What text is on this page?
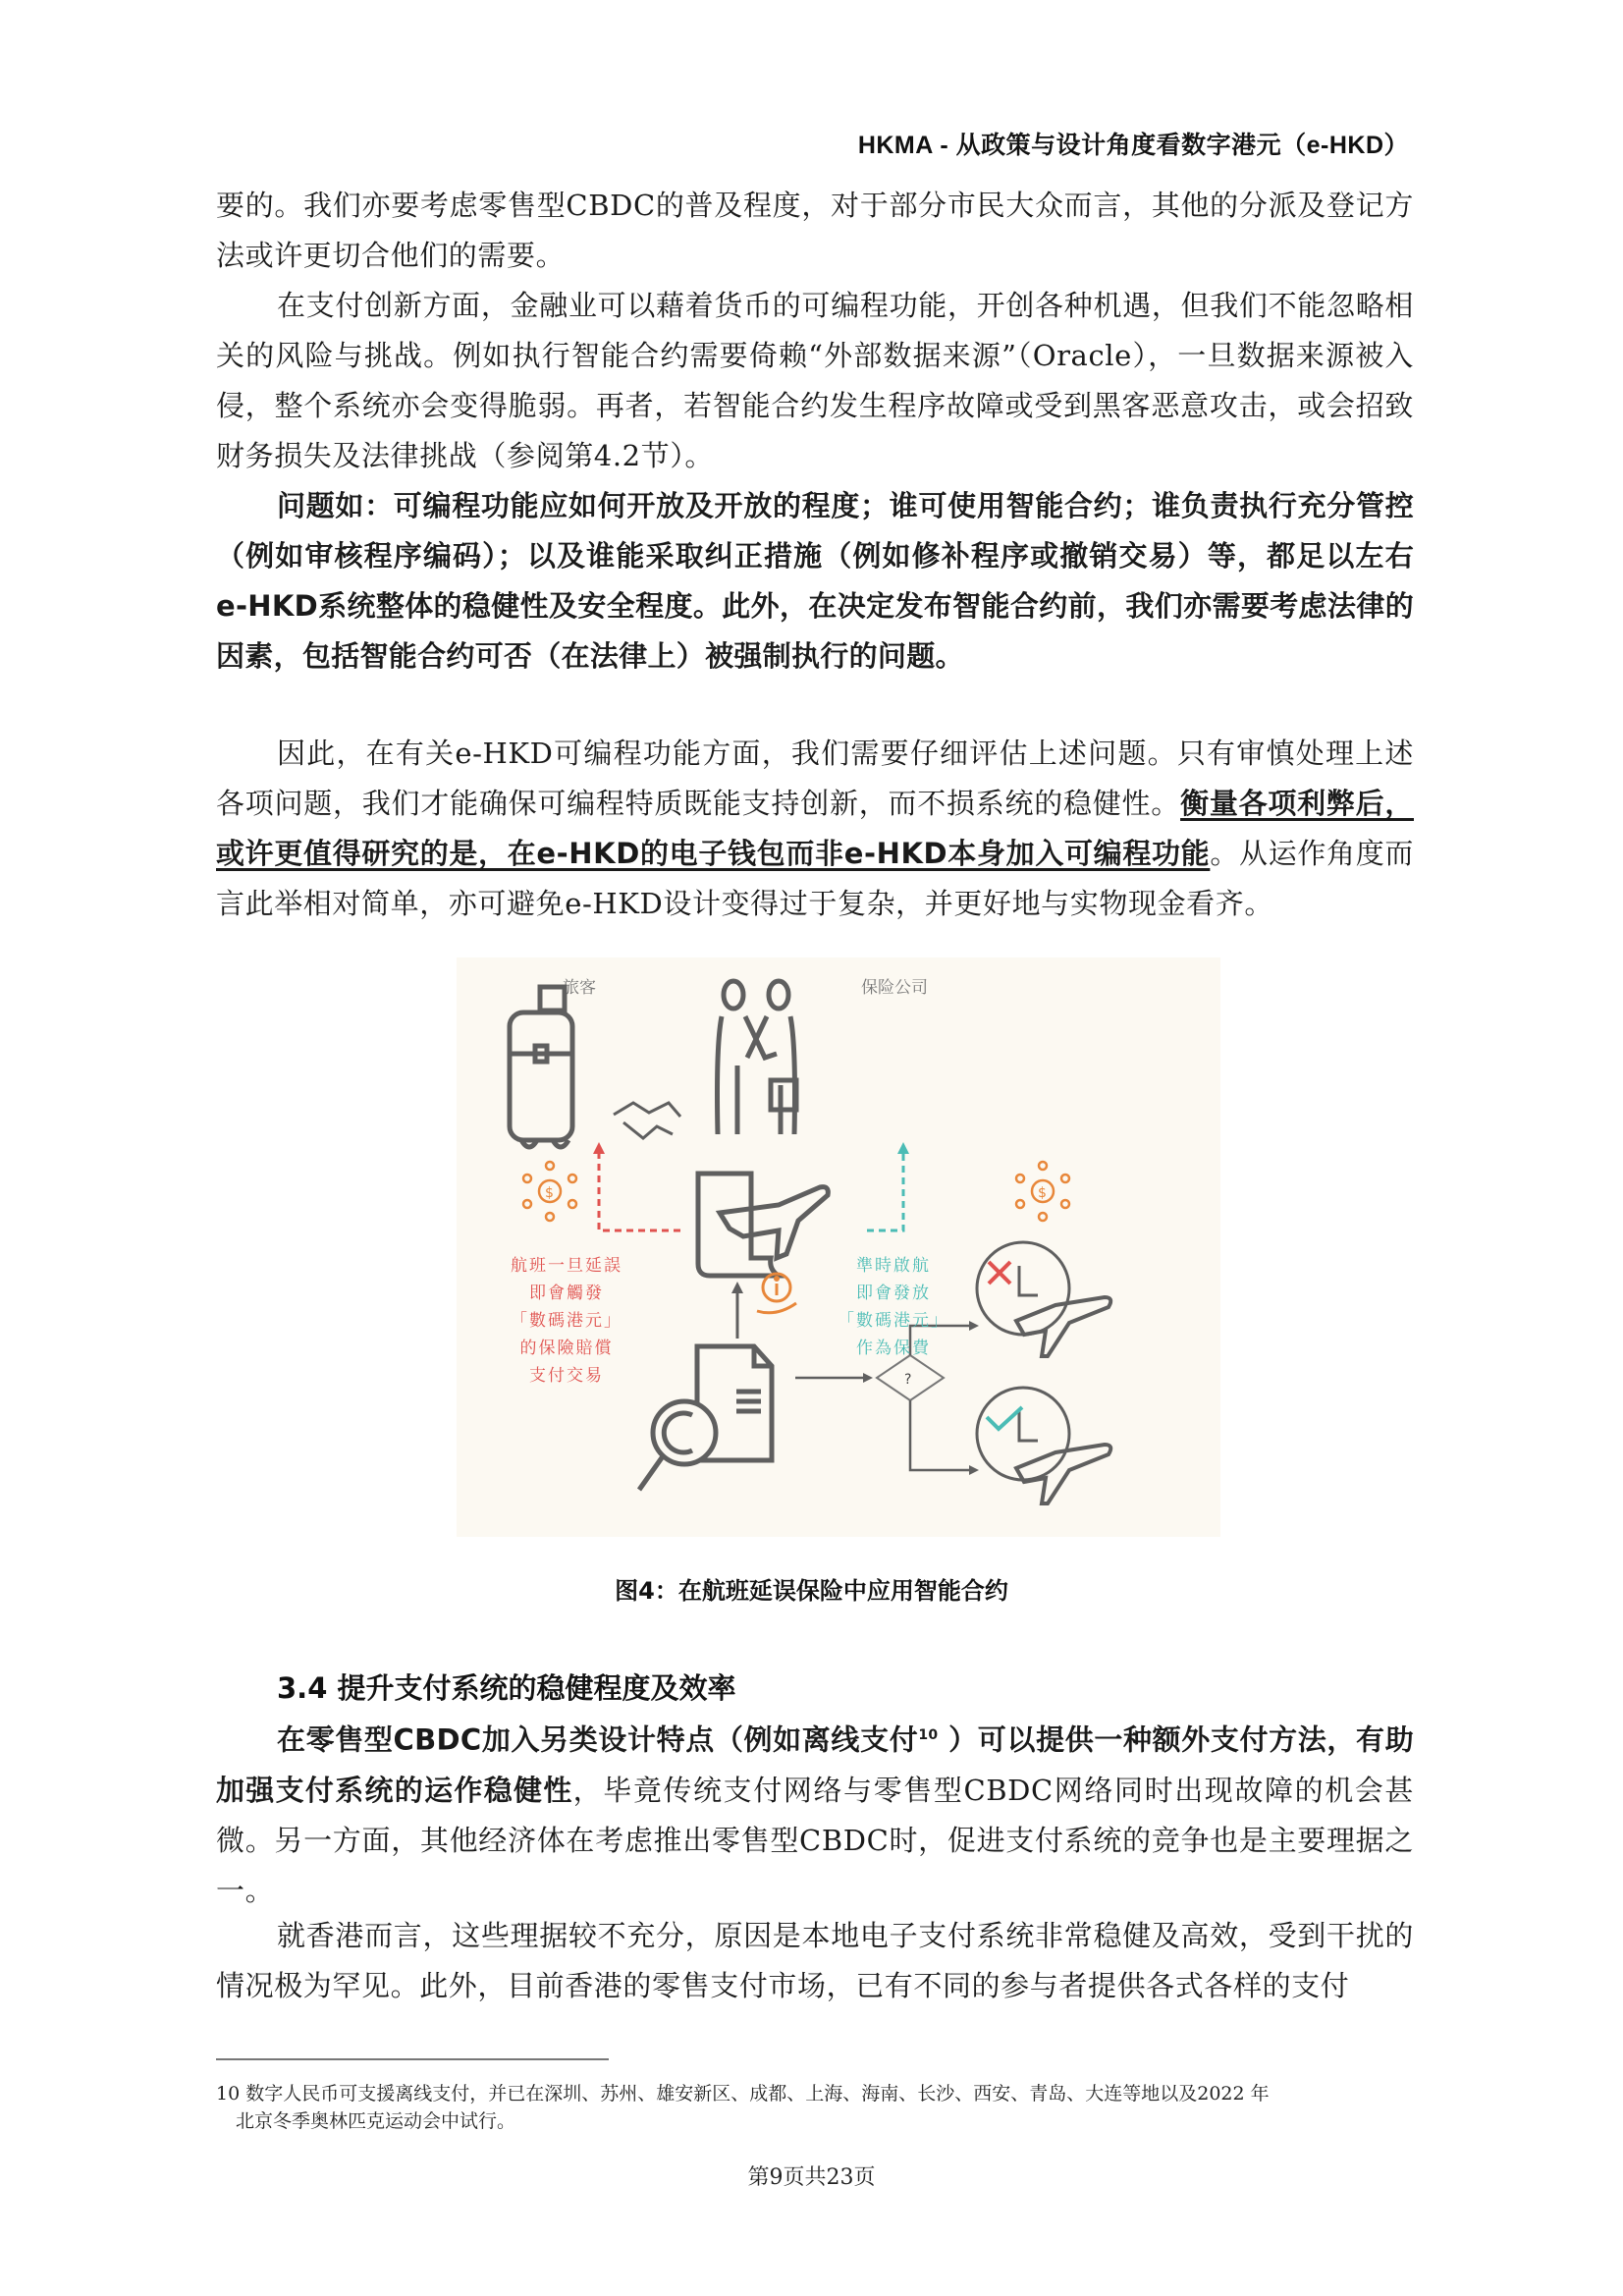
HKMA - 从政策与设计角度看数字港元（e-HKD）
要的。我们亦要考虑零售型CBDC的普及程度，对于部分市民大众而言，其他的分派及登记方法或许更切合他们的需要。
在支付创新方面，金融业可以藉着货币的可编程功能，开创各种机遇，但我们不能忽略相关的风险与挑战。例如执行智能合约需要倚赖“外部数据来源”（Oracle），一旦数据来源被入侵，整个系统亦会变得脆弱。再者，若智能合约发生程序故障或受到黑客恶意攻击，或会招致财务损失及法律挑战（参阅第4.2节）。
问题如：可编程功能应如何开放及开放的程度；谁可使用智能合约；谁负责执行充分管控（例如审核程序编码）；以及谁能采取纠正措施（例如修补程序或撤销交易）等，都足以左右 e-HKD系统整体的稳健性及安全程度。此外，在决定发布智能合约前，我们亦需要考虑法律的因素，包括智能合约可否（在法律上）被强制执行的问题。
因此，在有关e-HKD可编程功能方面，我们需要仔细评估上述问题。只有审慎处理上述各项问题，我们才能确保可编程特质既能支持创新，而不损系统的稳健性。衡量各项利弊后，或许更值得研究的是，在e-HKD的电子钱包而非e-HKD本身加入可编程功能。从运作角度而言此举相对简单，亦可避免e-HKD设计变得过于复杂，并更好地与实物现金看齐。
旅客	保险公司
$	$
?
航班一旦延誤
即會觸發
「數碼港元」
的保險賠償
支付交易
準時啟航
即會發放
「數碼港元」
作為保費
图4：在航班延误保险中应用智能合约
3.4 提升支付系统的稳健程度及效率
在零售型CBDC加入另类设计特点（例如离线支付$^{10}$ ）可以提供一种额外支付方法，有助加强支付系统的运作稳健性，毕竟传统支付网络与零售型CBDC网络同时出现故障的机会甚微。另一方面，其他经济体在考虑推出零售型CBDC时，促进支付系统的竞争也是主要理据之一。
就香港而言，这些理据较不充分，原因是本地电子支付系统非常稳健及高效，受到干扰的情况极为罕见。此外，目前香港的零售支付市场，已有不同的参与者提供各式各样的支付
10 数字人民币可支援离线支付，并已在深圳、苏州、雄安新区、成都、上海、海南、长沙、西安、青岛、大连等地以及2022 年
北京冬季奥林匹克运动会中试行。
第9页共23页
